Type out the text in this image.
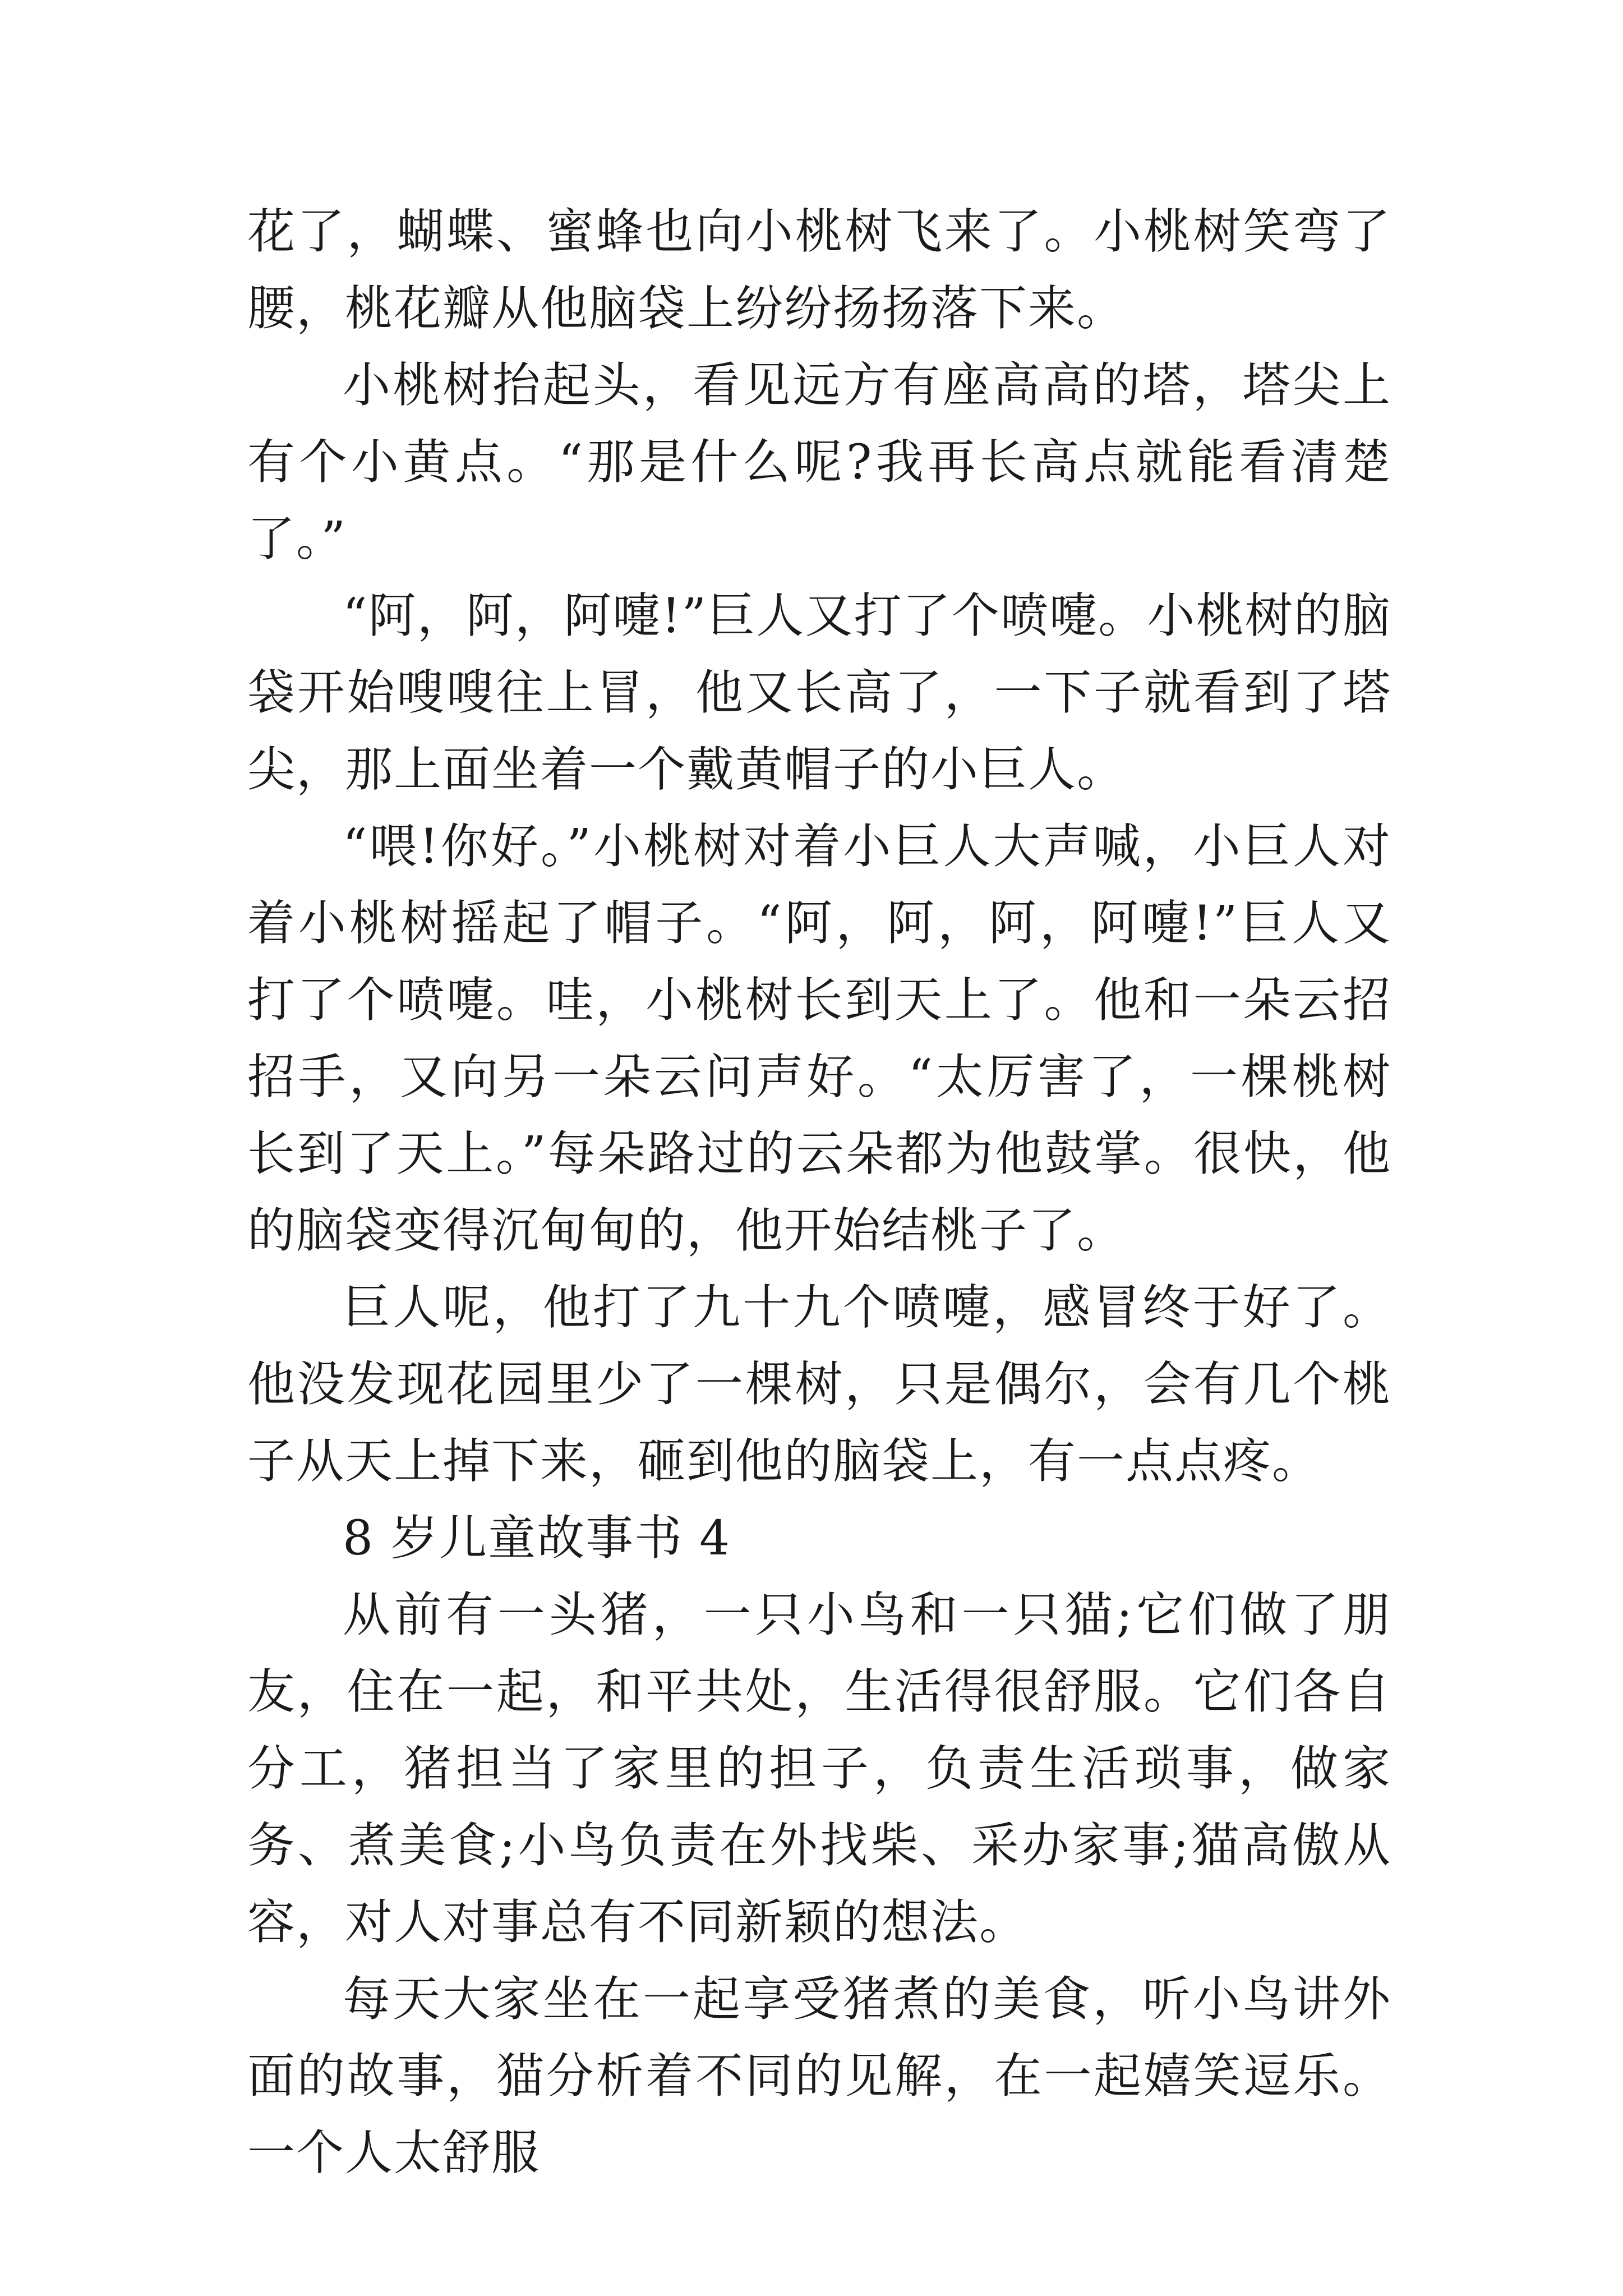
花了，蝴蝶、蜜蜂也向小桃树飞来了。小桃树笑弯了腰，桃花瓣从他脑袋上纷纷扬扬落下来。

小桃树抬起头，看见远方有座高高的塔，塔尖上有个小黄点。“那是什么呢?我再长高点就能看清楚了。”

“阿，阿，阿嚏!”巨人又打了个喷嚏。小桃树的脑袋开始嗖嗖往上冒，他又长高了，一下子就看到了塔尖，那上面坐着一个戴黄帽子的小巨人。

“喂!你好。”小桃树对着小巨人大声喊，小巨人对着小桃树摇起了帽子。“阿，阿，阿，阿嚏!”巨人又打了个喷嚏。哇，小桃树长到天上了。他和一朵云招招手，又向另一朵云问声好。“太厉害了，一棵桃树长到了天上。”每朵路过的云朵都为他鼓掌。很快，他的脑袋变得沉甸甸的，他开始结桃子了。

巨人呢，他打了九十九个喷嚏，感冒终于好了。他没发现花园里少了一棵树，只是偶尔，会有几个桃子从天上掉下来，砸到他的脑袋上，有一点点疼。

8 岁儿童故事书 4

从前有一头猪，一只小鸟和一只猫;它们做了朋友，住在一起，和平共处，生活得很舒服。它们各自分工，猪担当了家里的担子，负责生活琐事，做家务、煮美食;小鸟负责在外找柴、采办家事;猫高傲从容，对人对事总有不同新颖的想法。

每天大家坐在一起享受猪煮的美食，听小鸟讲外面的故事，猫分析着不同的见解，在一起嬉笑逗乐。一个人太舒服
